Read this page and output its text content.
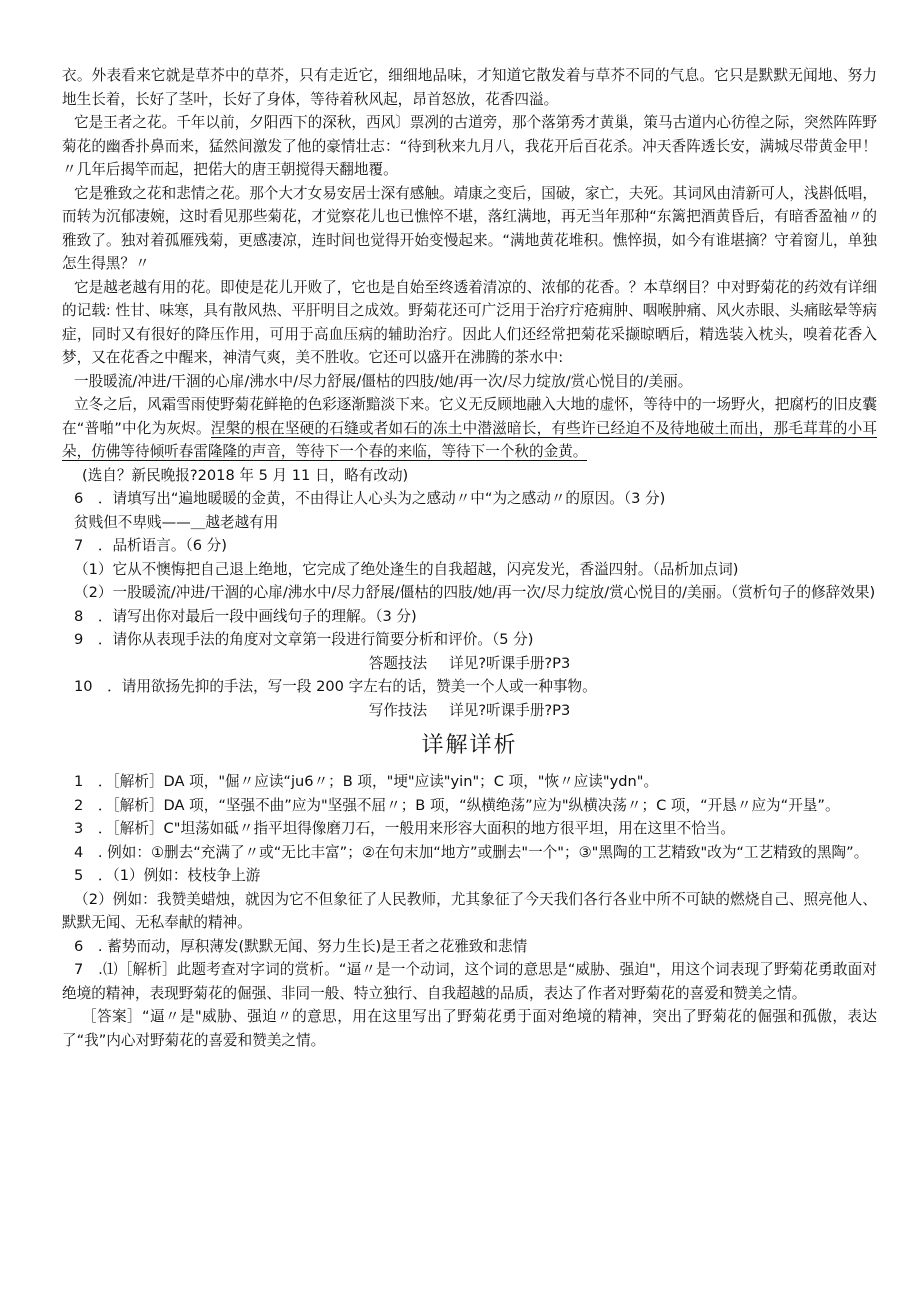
衣。外表看来它就是草芥中的草芥，只有走近它，细细地品味，才知道它散发着与草芥不同的气息。它只是默默无闻地、努力地生长着，长好了茎叶，长好了身体，等待着秋风起，昂首怒放，花香四溢。

它是王者之花。千年以前，夕阳西下的深秋，西风〕票冽的古道旁，那个落第秀才黄巢，策马古道内心彷徨之际，突然阵阵野菊花的幽香扑鼻而来，猛然间激发了他的豪情壮志：“待到秋来九月八，我花开后百花杀。冲天香阵透长安，满城尽带黄金甲！〃几年后揭竿而起，把偌大的唐王朝搅得天翻地覆。

它是雅致之花和悲情之花。那个大才女易安居士深有感触。靖康之变后，国破，家亡，夫死。其词风由清新可人，浅斟低唱，而转为沉郁凄婉，这时看见那些菊花，才觉察花儿也已憔悴不堪，落红满地，再无当年那种“东篱把酒黄昏后，有暗香盈袖〃的雅致了。独对着孤雁残菊，更感凄凉，连时间也觉得开始变慢起来。“满地黄花堆积。憔悴损，如今有谁堪摘？守着窗儿，单独怎生得黑？〃

它是越老越有用的花。即使是花儿开败了，它也是自始至终透着清凉的、浓郁的花香。？本草纲目？中对野菊花的药效有详细的记载: 性甘、味寒，具有散风热、平肝明目之成效。野菊花还可广泛用于治疗疔疮痈肿、咽喉肿痛、风火赤眼、头痛眩晕等病症，同时又有很好的降压作用，可用于高血压病的辅助治疗。因此人们还经常把菊花采撷晾晒后，精选装入枕头，嗅着花香入梦，又在花香之中醒来，神清气爽，美不胜收。它还可以盛开在沸腾的茶水中:

一股暖流/冲进/干涸的心扉/沸水中/尽力舒展/僵枯的四肢/她/再一次/尽力绽放/赏心悦目的/美丽。

立冬之后，风霜雪雨使野菊花鲜艳的色彩逐渐黯淡下来。它义无反顾地融入大地的虚怀，等待中的一场野火，把腐朽的旧皮囊在“普啪”中化为灰烬。涅槃的根在坚硬的石缝或者如石的冻土中潜滋暗长，有些许已经迫不及待地破土而出，那毛茸茸的小耳朵，仿佛等待倾听春雷隆隆的声音，等待下一个春的来临，等待下一个秋的金黄。

(选自？新民晚报?2018 年 5 月 11 日，略有改动)

6　．请填写出“遍地暖暖的金黄，不由得让人心头为之感动〃中“为之感动〃的原因。（3 分)

贫贱但不卑贱——＿越老越有用

7　．品析语言。（6 分)

（1）它从不懊悔把自己退上绝地，它完成了绝处逢生的自我超越，闪亮发光，香溢四射。（品析加点词)

（2）一股暖流/冲进/干涸的心扉/沸水中/尽力舒展/僵枯的四肢/她/再一次/尽力绽放/赏心悦目的/美丽。（赏析句子的修辞效果)

8　．请写出你对最后一段中画线句子的理解。（3 分)

9　．请你从表现手法的角度对文章第一段进行简要分析和评价。（5 分)

答题技法 详见?听课手册?P3

10　．请用欲扬先抑的手法，写一段 200 字左右的话，赞美一个人或一种事物。

写作技法 详见?听课手册?P3

详解详析

1　．［解析］DA 项，"倔〃应读“ju6〃；B 项，"埂"应读"yin"；C 项，"恢〃应读"ydn"。

2　．［解析］DA 项，“坚强不曲”应为"坚强不屈〃；B 项，“纵横绝荡”应为"纵横决荡〃；C 项，“开恳〃应为“开垦”。

3　．［解析］C"坦荡如砥〃指平坦得像磨刀石，一般用来形容大面积的地方很平坦，用在这里不恰当。

4　. 例如：①删去“充满了〃或“无比丰富”；②在句末加“地方”或删去"一个"；③"黑陶的工艺精致"改为“工艺精致的黑陶”。

5　．（1）例如：枝枝争上游

（2）例如：我赞美蜡烛，就因为它不但象征了人民教师，尤其象征了今天我们各行各业中所不可缺的燃烧自己、照亮他人、默默无闻、无私奉献的精神。

6　. 蓄势而动，厚积薄发(默默无闻、努力生长)是王者之花雅致和悲情

7　.⑴［解析］此题考查对字词的赏析。“逼〃是一个动词，这个词的意思是“威胁、强迫"，用这个词表现了野菊花勇敢面对绝境的精神，表现野菊花的倔强、非同一般、特立独行、自我超越的品质，表达了作者对野菊花的喜爱和赞美之情。

［答案］“逼〃是"威胁、强迫〃的意思，用在这里写出了野菊花勇于面对绝境的精神，突出了野菊花的倔强和孤傲，表达了“我”内心对野菊花的喜爱和赞美之情。
